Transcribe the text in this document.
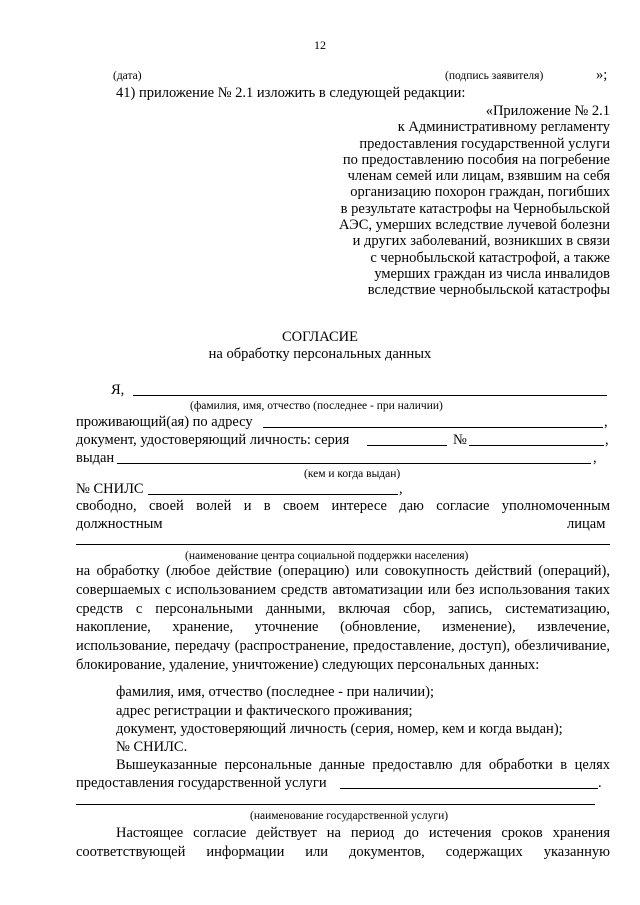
12
(дата)	(подпись заявителя)	»;
41) приложение № 2.1 изложить в следующей редакции:
«Приложение № 2.1
к Административному регламенту
предоставления государственной услуги
по предоставлению пособия на погребение
членам семей или лицам, взявшим на себя
организацию похорон граждан, погибших
в результате катастрофы на Чернобыльской
АЭС, умерших вследствие лучевой болезни
и других заболеваний, возникших в связи
с чернобыльской катастрофой, а также
умерших граждан из числа инвалидов
вследствие чернобыльской катастрофы
СОГЛАСИЕ
на обработку персональных данных
Я,
(фамилия, имя, отчество (последнее - при наличии)
проживающий(ая) по адресу	,
документ, удостоверяющий личность: серия	№	,
выдан	,
(кем и когда выдан)
№ СНИЛС	,
свободно, своей волей и в своем интересе даю согласие уполномоченным
должностным	лицам
(наименование центра социальной поддержки населения)
на обработку (любое действие (операцию) или совокупность действий (операций), совершаемых с использованием средств автоматизации или без использования таких средств с персональными данными, включая сбор, запись, систематизацию, накопление, хранение, уточнение (обновление, изменение), извлечение, использование, передачу (распространение, предоставление, доступ), обезличивание, блокирование, удаление, уничтожение) следующих персональных данных:
фамилия, имя, отчество (последнее - при наличии);
адрес регистрации и фактического проживания;
документ, удостоверяющий личность (серия, номер, кем и когда выдан);
№ СНИЛС.
Вышеуказанные персональные данные предоставлю для обработки в целях
предоставления государственной услуги	.
(наименование государственной услуги)
Настоящее согласие действует на период до истечения сроков хранения соответствующей информации или документов, содержащих указанную
